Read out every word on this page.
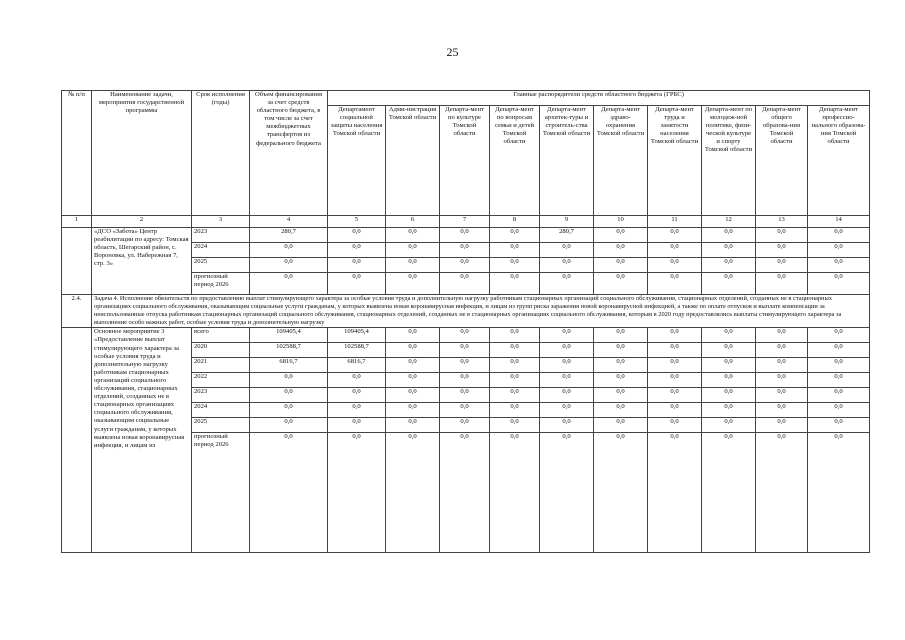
25
№ п/п	Наименование задачи, мероприятия государственной программы	Срок исполнения (годы)	Объем финансирования за счет средств областного бюджета, в том числе за счет межбюджетных трансфертов из федерального бюджета	Главные распорядители средств областного бюджета (ГРБС)									
				Департамент социальной защиты населения Томской области	Адми-нистрация Томской области	Департа-мент по культуре Томской области	Департа-мент по вопросам семьи и детей Томской области	Департа-мент архитек-туры и строитель-ства Томской области	Департа-мент здраво-охранения Томской области	Департа-мент труда и занятости населения Томской области	Департа-мент по молодеж-ной политике, физи-ческой культуре и спорту Томской области	Департа-мент общего образова-ния Томской области	Департа-мент профессио-нального образова-ния Томской области
1	2	3	4	5	6	7	8	9	10	11	12	13	14
	«ДСО «Забота» Центр реабилитации по адресу: Томская область, Шегарский район, с. Вороновка, ул. Набережная 7, стр. 3»	2023	280,7	0,0	0,0	0,0	0,0	280,7	0,0	0,0	0,0	0,0	0,0
		2024	0,0	0,0	0,0	0,0	0,0	0,0	0,0	0,0	0,0	0,0	0,0
		2025	0,0	0,0	0,0	0,0	0,0	0,0	0,0	0,0	0,0	0,0	0,0
		прогнозный период 2026	0,0	0,0	0,0	0,0	0,0	0,0	0,0	0,0	0,0	0,0	0,0
2.4.	Задача 4. Исполнение обязательств по предоставлению выплат стимулирующего характера за особые условия труда и дополнительную нагрузку работникам стационарных организаций социального обслуживания, стационарных отделений, созданных не в стационарных организациях социального обслуживания, оказывающим социальные услуги гражданам, у которых выявлена новая коронавирусная инфекция, и лицам из групп риска заражения новой коронавирусной инфекцией, а также по оплате отпусков и выплате компенсации за неиспользованные отпуска работникам стационарных организаций социального обслуживания, стационарных отделений, созданных не в стационарных организациях социального обслуживания, которым в 2020 году предоставлялись выплаты стимулирующего характера за выполнение особо важных работ, особые условия труда и дополнительную нагрузку												
	Основное мероприятие 3 «Предоставление выплат стимулирующего характера за особые условия труда и дополнительную нагрузку работникам стационарных организаций социального обслуживания, стационарных отделений, созданных не в стационарных организациях социального обслуживания, оказывающим социальные услуги гражданам, у которых выявлена новая коронавирусная инфекция, и лицам из	всего	109405,4	109405,4	0,0	0,0	0,0	0,0	0,0	0,0	0,0	0,0	0,0
		2020	102588,7	102588,7	0,0	0,0	0,0	0,0	0,0	0,0	0,0	0,0	0,0
		2021	6816,7	6816,7	0,0	0,0	0,0	0,0	0,0	0,0	0,0	0,0	0,0
		2022	0,0	0,0	0,0	0,0	0,0	0,0	0,0	0,0	0,0	0,0	0,0
		2023	0,0	0,0	0,0	0,0	0,0	0,0	0,0	0,0	0,0	0,0	0,0
		2024	0,0	0,0	0,0	0,0	0,0	0,0	0,0	0,0	0,0	0,0	0,0
		2025	0,0	0,0	0,0	0,0	0,0	0,0	0,0	0,0	0,0	0,0	0,0
		прогнозный период 2026	0,0	0,0	0,0	0,0	0,0	0,0	0,0	0,0	0,0	0,0	0,0
